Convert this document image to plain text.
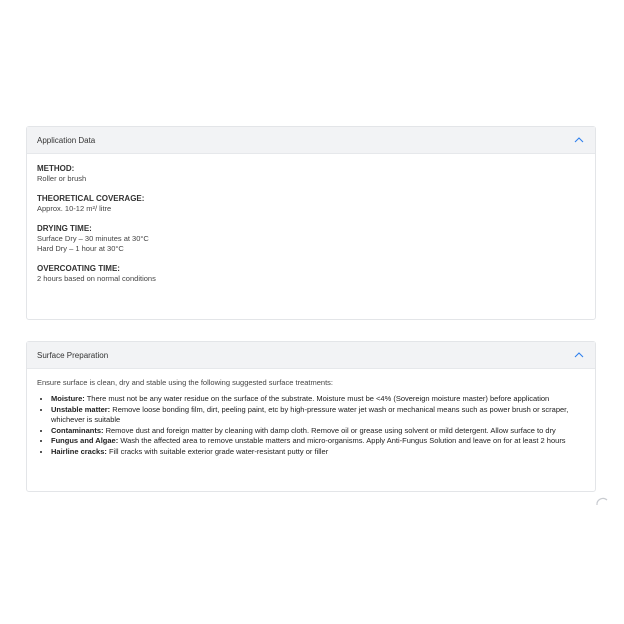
Application Data
METHOD:
Roller or brush
THEORETICAL COVERAGE:
Approx. 10-12 m²/ litre
DRYING TIME:
Surface Dry – 30 minutes at 30°C
Hard Dry – 1 hour at 30°C
OVERCOATING TIME:
2 hours based on normal conditions
Surface Preparation
Ensure surface is clean, dry and stable using the following suggested surface treatments:
• Moisture: There must not be any water residue on the surface of the substrate. Moisture must be <4% (Sovereign moisture master) before application
• Unstable matter: Remove loose bonding film, dirt, peeling paint, etc by high-pressure water jet wash or mechanical means such as power brush or scraper, whichever is suitable
• Contaminants: Remove dust and foreign matter by cleaning with damp cloth. Remove oil or grease using solvent or mild detergent. Allow surface to dry
• Fungus and Algae: Wash the affected area to remove unstable matters and micro-organisms. Apply Anti-Fungus Solution and leave on for at least 2 hours
• Hairline cracks: Fill cracks with suitable exterior grade water-resistant putty or filler
